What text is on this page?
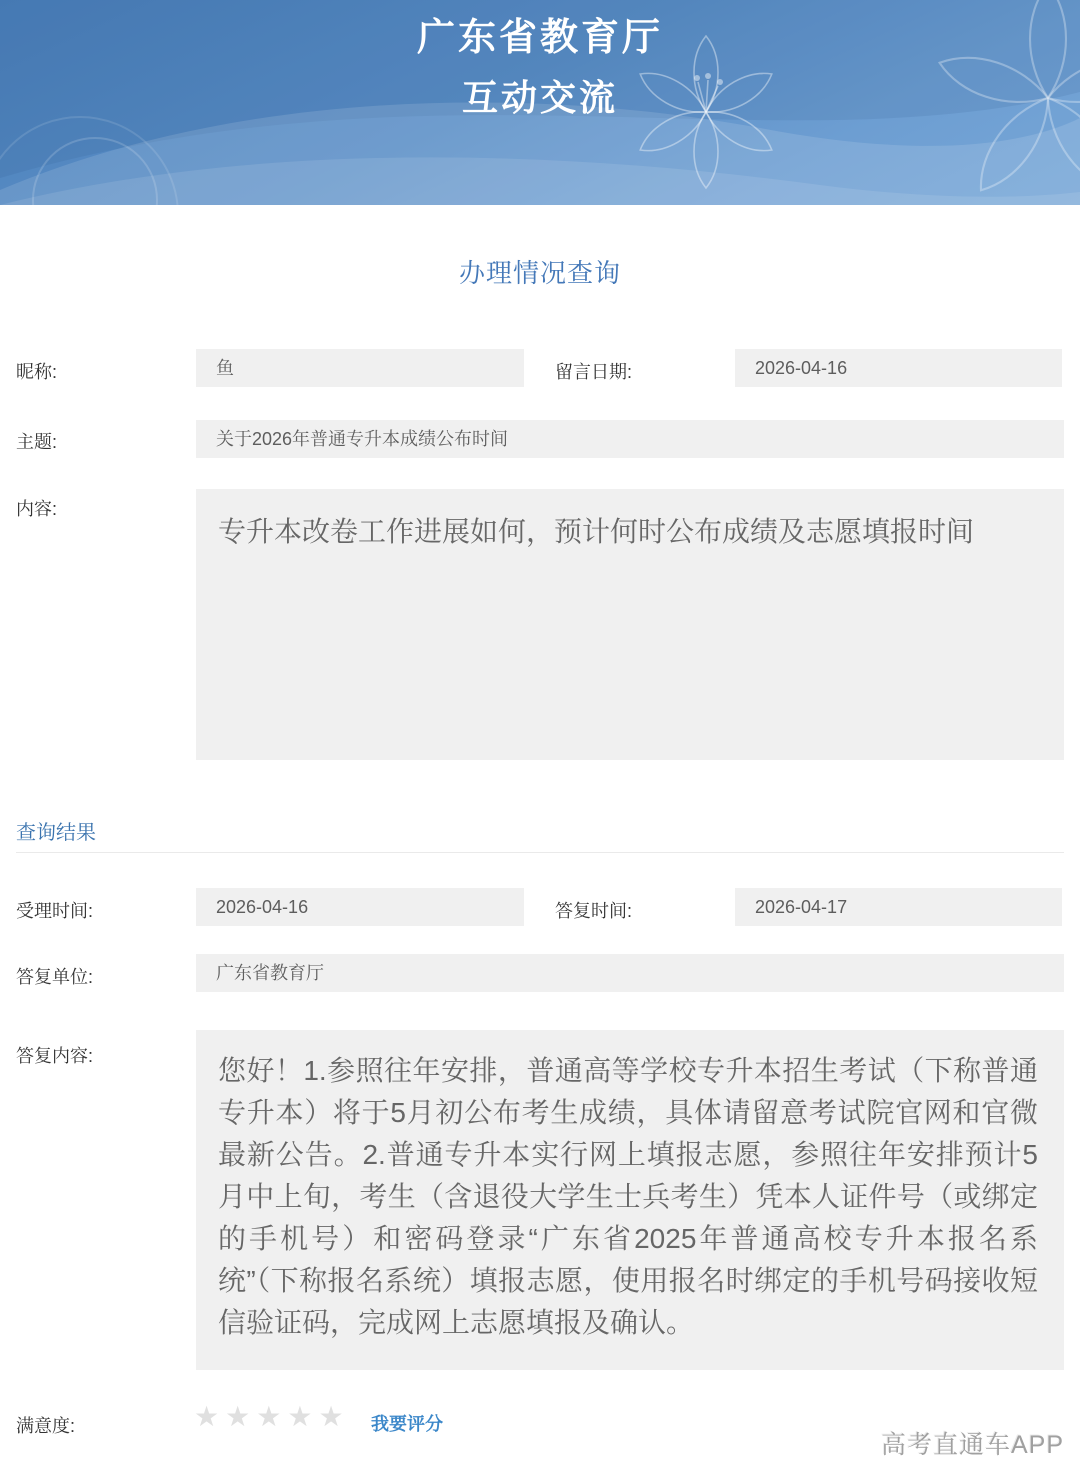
广东省教育厅
互动交流
办理情况查询
昵称:	鱼	留言日期:	2026-04-16
主题:	关于2026年普通专升本成绩公布时间
内容:
专升本改卷工作进展如何，预计何时公布成绩及志愿填报时间
查询结果
受理时间:	2026-04-16	答复时间:	2026-04-17
答复单位:	广东省教育厅
答复内容:	您好！1.参照往年安排，普通高等学校专升本招生考试（下称普通专升本）将于5月初公布考生成绩，具体请留意考试院官网和官微最新公告。2.普通专升本实行网上填报志愿，参照往年安排预计5月中上旬，考生（含退役大学生士兵考生）凭本人证件号（或绑定的手机号）和密码登录“广东省2025年普通高校专升本报名系统”（下称报名系统）填报志愿，使用报名时绑定的手机号码接收短信验证码，完成网上志愿填报及确认。
满意度:	★★★★★ 我要评分
高考直通车APP
